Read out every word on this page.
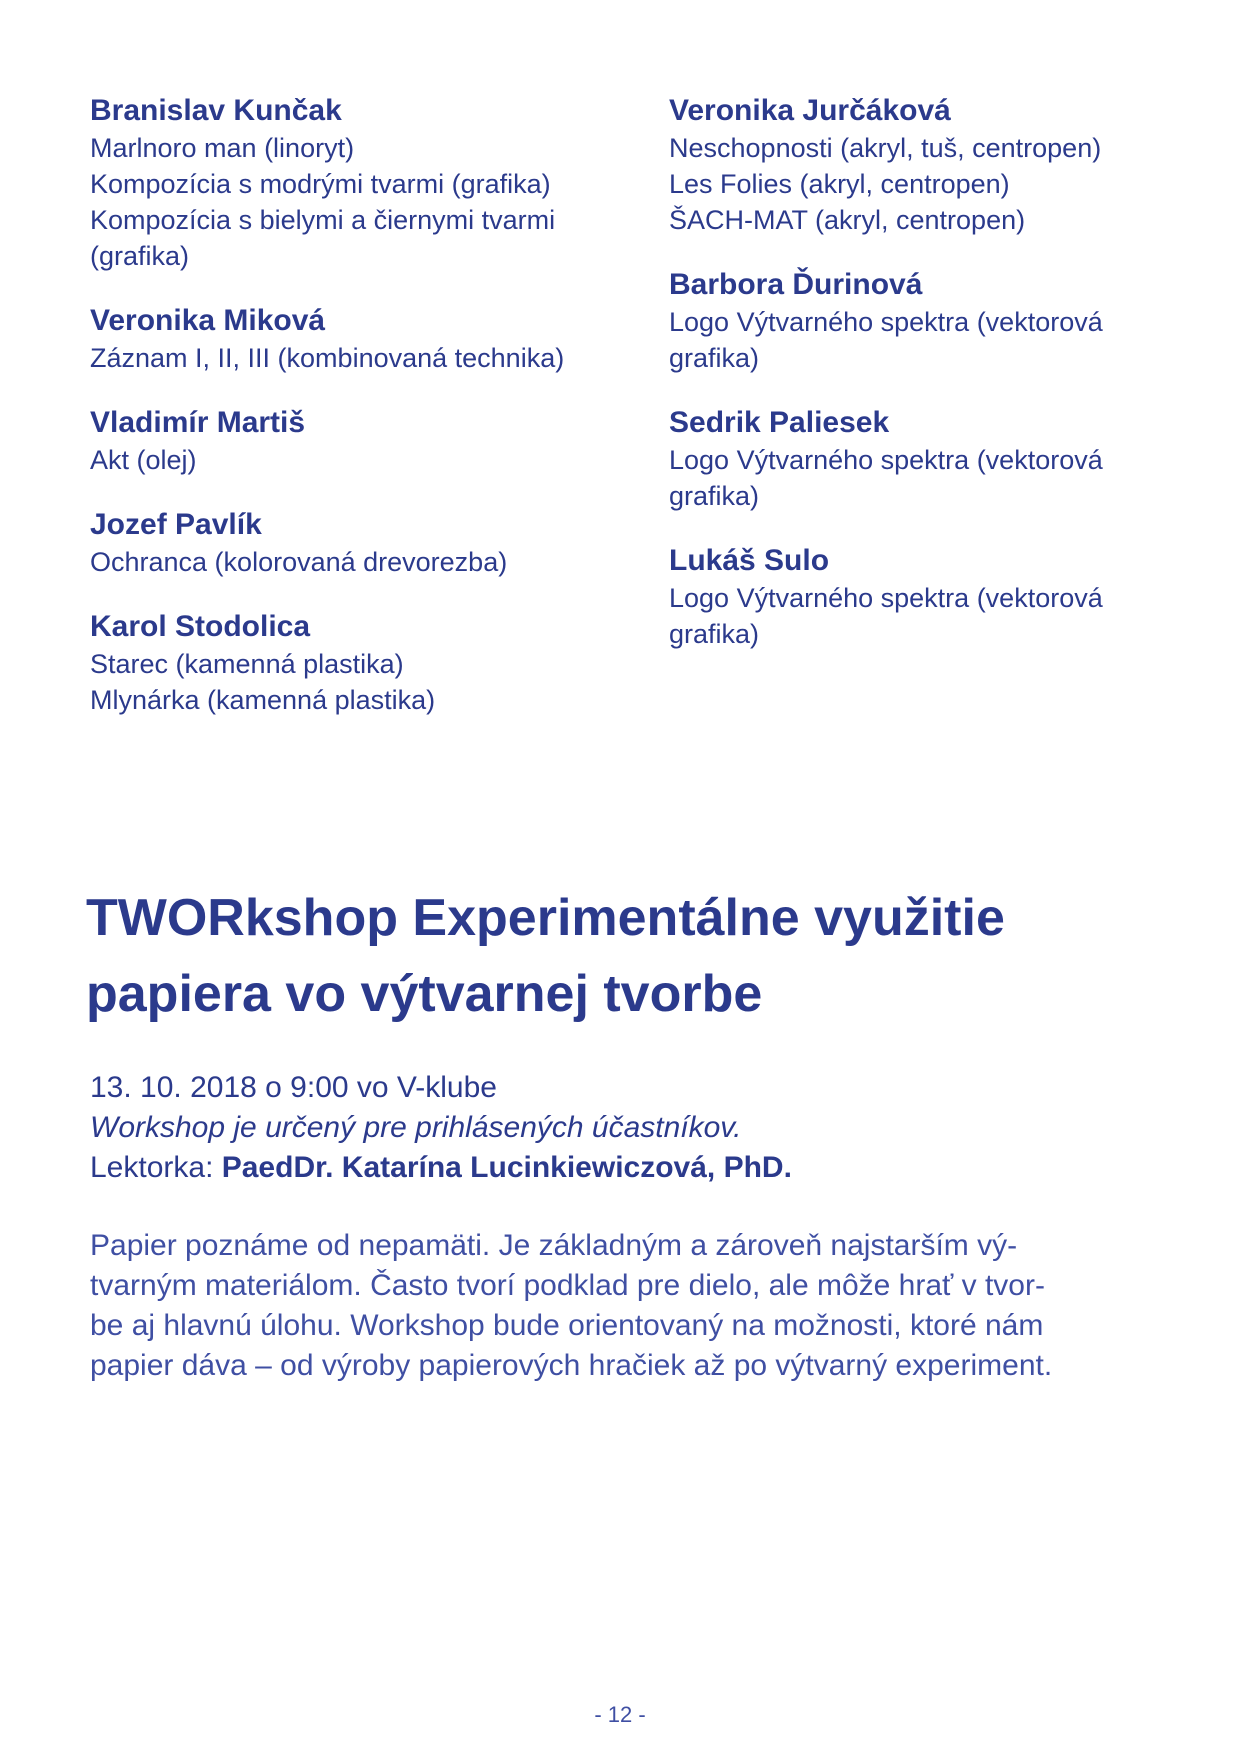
Branislav Kunčak

Marlnoro man (linoryt)

Kompozícia s modrými tvarmi (grafika)

Kompozícia s bielymi a čiernymi tvarmi

(grafika)

Veronika Miková

Záznam I, II, III (kombinovaná technika)

Vladimír Martiš

Akt (olej)

Jozef Pavlík

Ochranca (kolorovaná drevorezba)

Karol Stodolica

Starec (kamenná plastika)

Mlynárka (kamenná plastika)

Veronika Jurčáková

Neschopnosti (akryl, tuš, centropen)

Les Folies (akryl, centropen)

ŠACH-MAT (akryl, centropen)

Barbora Ďurinová

Logo Výtvarného spektra (vektorová

grafika)

Sedrik Paliesek

Logo Výtvarného spektra (vektorová

grafika)

Lukáš Sulo

Logo Výtvarného spektra (vektorová

grafika)

TWORkshop Experimentálne využitie
papiera vo výtvarnej tvorbe

13. 10. 2018 o 9:00 vo V-klube

Workshop je určený pre prihlásených účastníkov.

Lektorka: PaedDr. Katarína Lucinkiewiczová, PhD.

Papier poznáme od nepamäti. Je základným a zároveň najstarším vý-

tvarným materiálom. Často tvorí podklad pre dielo, ale môže hrať v tvor-

be aj hlavnú úlohu. Workshop bude orientovaný na možnosti, ktoré nám

papier dáva – od výroby papierových hračiek až po výtvarný experiment.

- 12 -
